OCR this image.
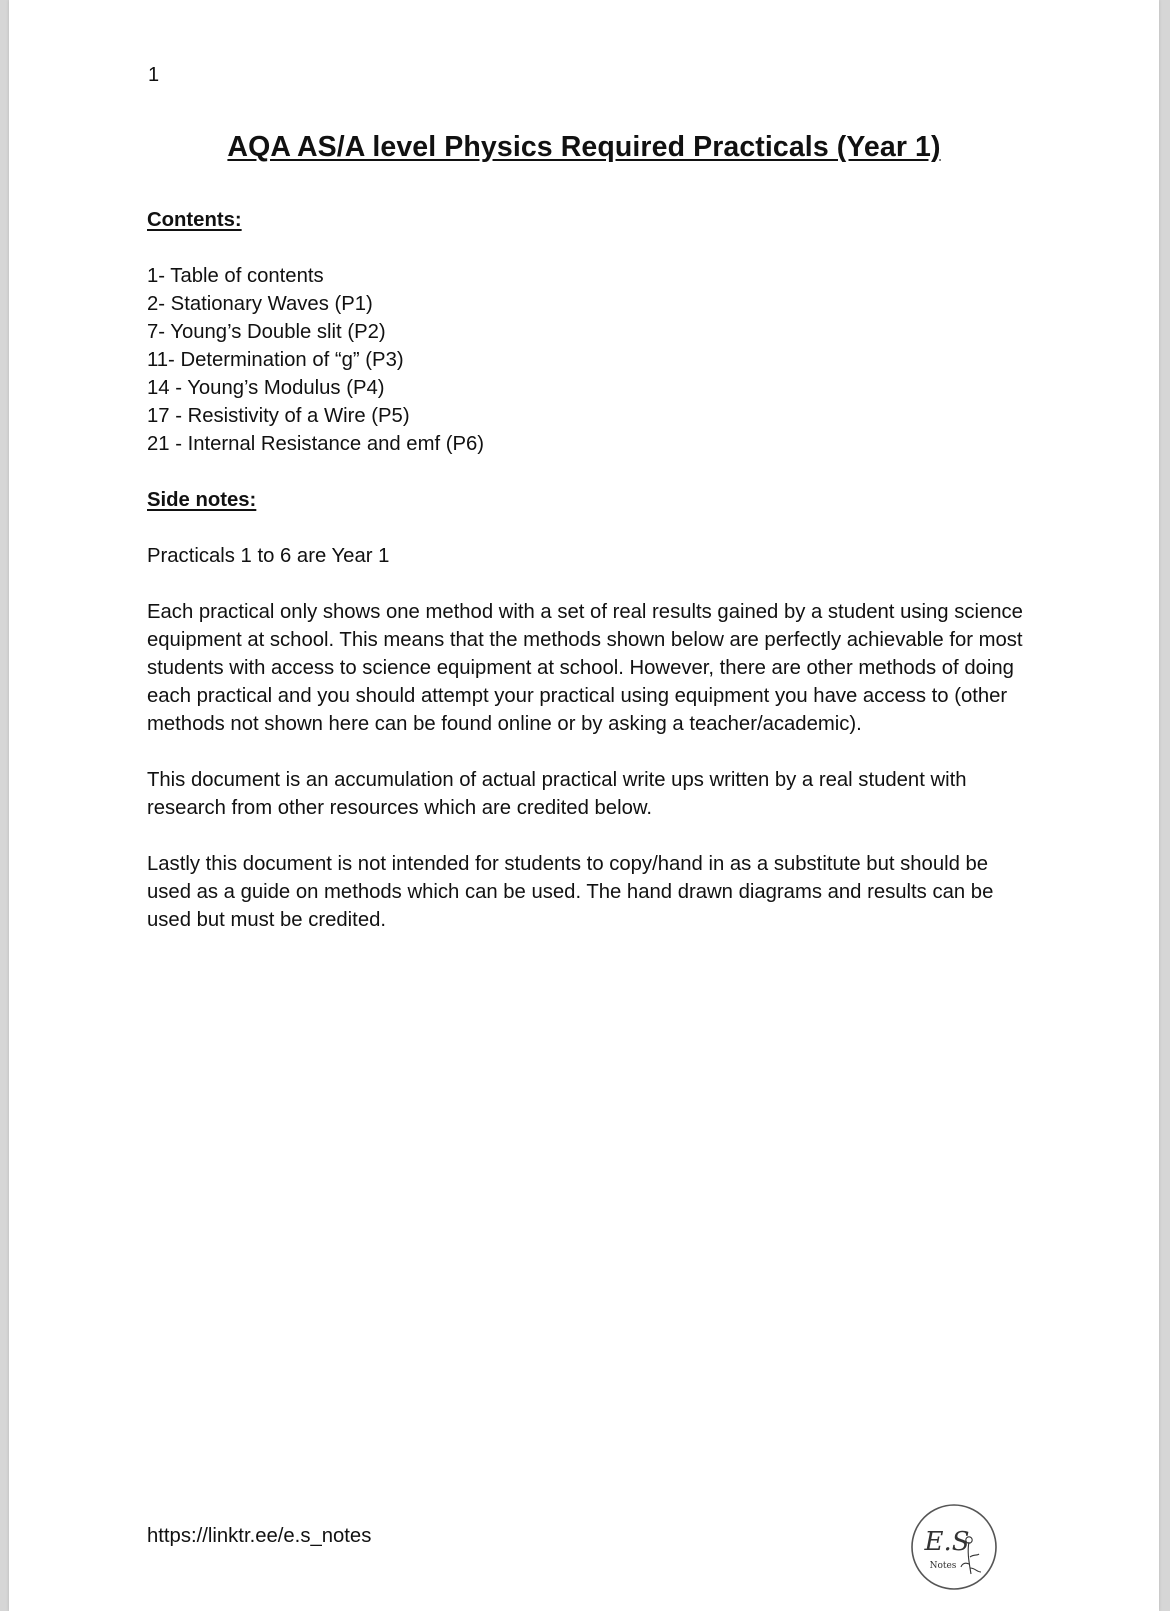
1
AQA AS/A level Physics Required Practicals (Year 1)
Contents:
1- Table of contents
2- Stationary Waves (P1)
7- Young’s Double slit (P2)
11- Determination of “g” (P3)
14 - Young’s Modulus (P4)
17 - Resistivity of a Wire (P5)
21 - Internal Resistance and emf (P6)
Side notes:

Practicals 1 to 6 are Year 1

Each practical only shows one method with a set of real results gained by a student using science equipment at school. This means that the methods shown below are perfectly achievable for most students with access to science equipment at school. However, there are other methods of doing each practical and you should attempt your practical using equipment you have access to (other methods not shown here can be found online or by asking a teacher/academic).

This document is an accumulation of actual practical write ups written by a real student with research from other resources which are credited below.

Lastly this document is not intended for students to copy/hand in as a substitute but should be used as a guide on methods which can be used. The hand drawn diagrams and results can be used but must be credited.

https://linktr.ee/e.s_notes	E.S
Notes
